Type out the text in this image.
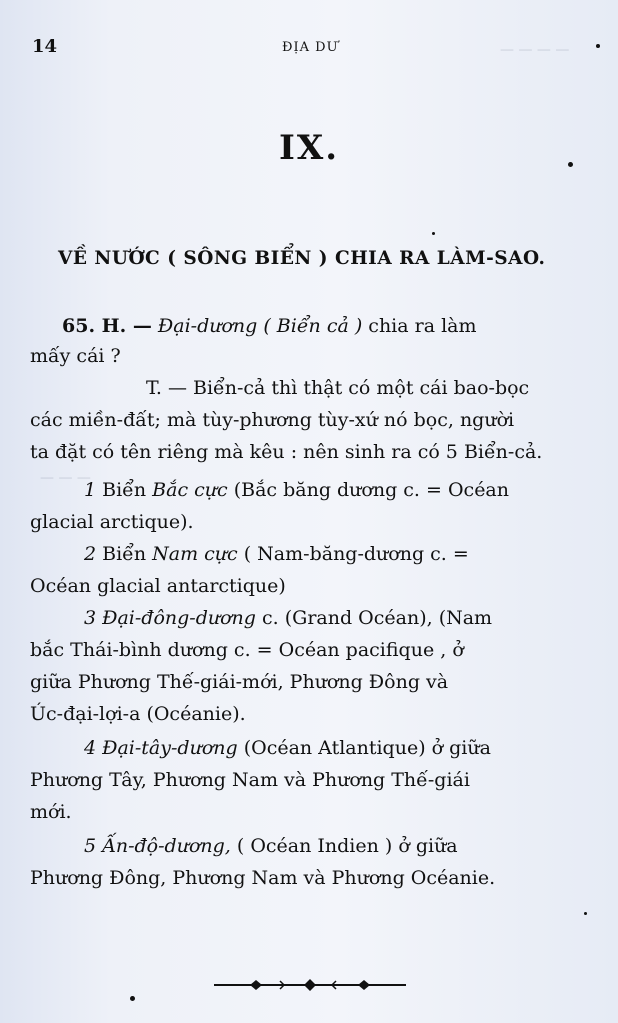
— — — —
— — —
14	ĐỊA DƯ
IX.
VỀ NƯỚC ( SÔNG BIỂN ) CHIA RA LÀM-SAO.
65. H. — Đại-dương ( Biển cả ) chia ra làm
mấy cái ?
T. — Biển-cả thì thật có một cái bao-bọc
các miền-đất; mà tùy-phương tùy-xứ nó bọc, người
ta đặt có tên riêng mà kêu : nên sinh ra có 5 Biển-cả.
1 Biển Bắc cực (Bắc băng dương c. = Océan
glacial arctique).
2 Biển Nam cực ( Nam-băng-dương c. =
Océan glacial antarctique)
3 Đại-đông-dương c. (Grand Océan), (Nam
bắc Thái-bình dương c. = Océan pacifique , ở
giữa Phương Thế-giái-mới, Phương Đông và
Úc-đại-lợi-a (Océanie).
4 Đại-tây-dương (Océan Atlantique) ở giữa
Phương Tây, Phương Nam và Phương Thế-giái
mới.
5 Ấn-độ-dương, ( Océan Indien ) ở giữa
Phương Đông, Phương Nam và Phương Océanie.
